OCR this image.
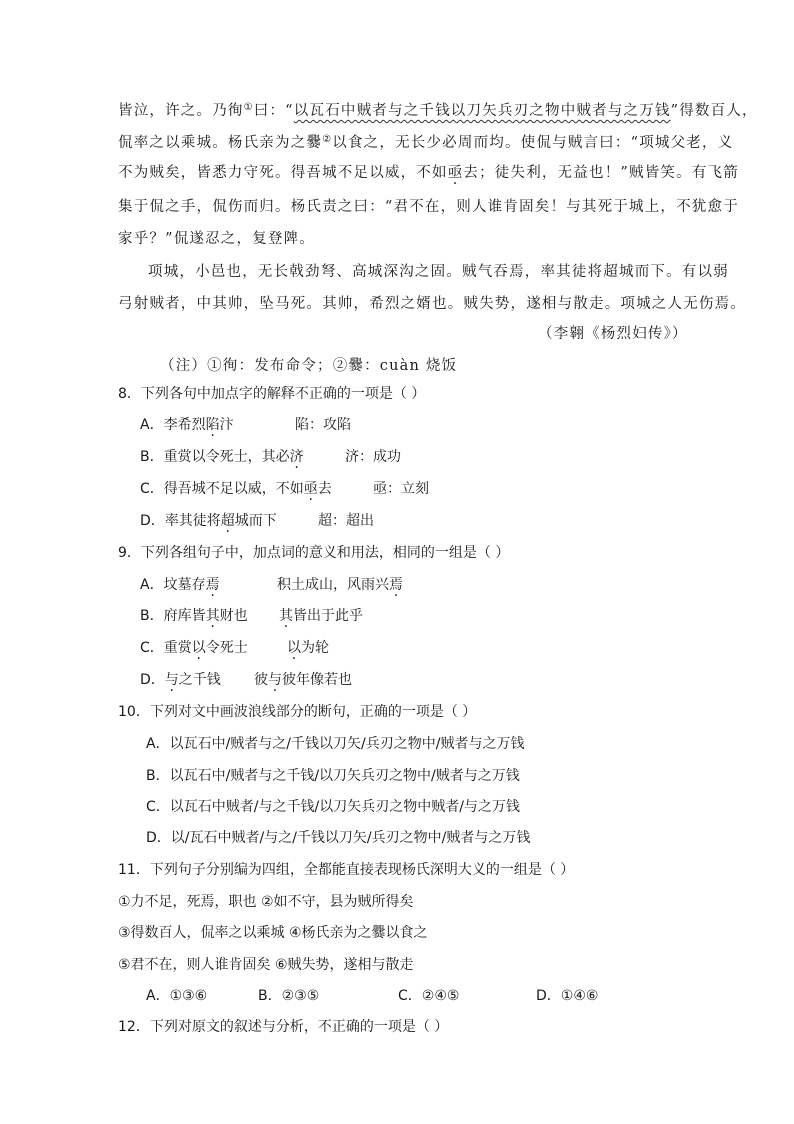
皆泣，许之。乃徇①曰：“以瓦石中贼者与之千钱以刀矢兵刃之物中贼者与之万钱”得数百人，
侃率之以乘城。杨氏亲为之爨②以食之，无长少必周而均。使侃与贼言曰：“项城父老，义
不为贼矣，皆悉力守死。得吾城不足以威，不如亟去；徒失利，无益也！”贼皆笑。有飞箭
集于侃之手，侃伤而归。杨氏责之曰：“君不在，则人谁肯固矣！与其死于城上，不犹愈于
家乎？”侃遂忍之，复登陴。
项城，小邑也，无长戟劲弩、高城深沟之固。贼气吞焉，率其徒将超城而下。有以弱
弓射贼者，中其帅，坠马死。其帅，希烈之婿也。贼失势，遂相与散走。项城之人无伤焉。
（李翱《杨烈妇传》）
（注）①徇：发布命令；②爨：cuàn 烧饭
8．下列各句中加点字的解释不正确的一项是（ ）
A．李希烈陷汴	陷：攻陷
B．重赏以令死士，其必济	济：成功
C．得吾城不足以威，不如亟去	亟：立刻
D．率其徒将超城而下	超：超出
9．下列各组句子中，加点词的意义和用法，相同的一组是（ ）
A．坟墓存焉	积土成山，风雨兴焉
B．府库皆其财也 其皆出于此乎
C．重赏以令死士	以为轮
D．与之千钱 彼与彼年像若也
10．下列对文中画波浪线部分的断句，正确的一项是（ ）
A．以瓦石中/贼者与之/千钱以刀矢/兵刃之物中/贼者与之万钱
B．以瓦石中/贼者与之千钱/以刀矢兵刃之物中/贼者与之万钱
C．以瓦石中贼者/与之千钱/以刀矢兵刃之物中贼者/与之万钱
D．以/瓦石中贼者/与之/千钱以刀矢/兵刃之物中/贼者与之万钱
11．下列句子分别编为四组，全都能直接表现杨氏深明大义的一组是（ ）
①力不足，死焉，职也 ②如不守，县为贼所得矣
③得数百人，侃率之以乘城 ④杨氏亲为之爨以食之
⑤君不在，则人谁肯固矣 ⑥贼失势，遂相与散走
A．①③⑥	B．②③⑤	C．②④⑤	D．①④⑥
12．下列对原文的叙述与分析，不正确的一项是（ ）
